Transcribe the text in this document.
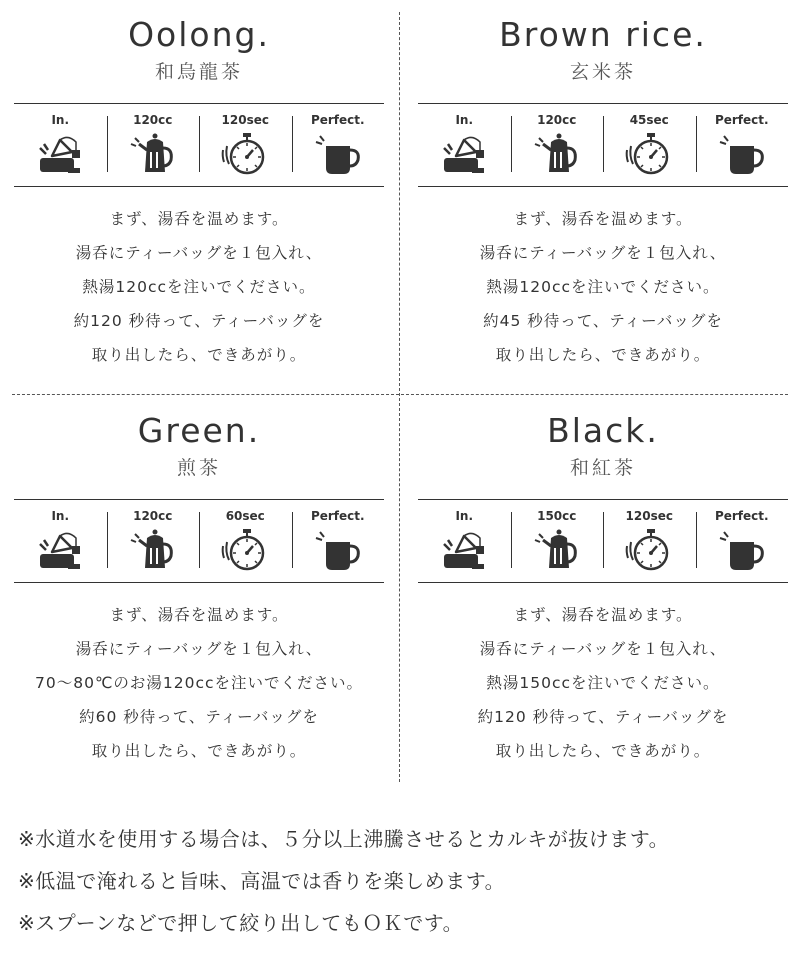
Oolong.
和烏龍茶
In.	120cc	120sec	Perfect.
まず、湯呑を温めます。
湯呑にティーバッグを１包入れ、
熱湯120ccを注いでください。
約120 秒待って、ティーバッグを
取り出したら、できあがり。
Brown rice.
玄米茶
In.	120cc	45sec	Perfect.
まず、湯呑を温めます。
湯呑にティーバッグを１包入れ、
熱湯120ccを注いでください。
約45 秒待って、ティーバッグを
取り出したら、できあがり。
Green.
煎茶
In.	120cc	60sec	Perfect.
まず、湯呑を温めます。
湯呑にティーバッグを１包入れ、
70～80℃のお湯120ccを注いでください。
約60 秒待って、ティーバッグを
取り出したら、できあがり。
Black.
和紅茶
In.	150cc	120sec	Perfect.
まず、湯呑を温めます。
湯呑にティーバッグを１包入れ、
熱湯150ccを注いでください。
約120 秒待って、ティーバッグを
取り出したら、できあがり。
※水道水を使用する場合は、５分以上沸騰させるとカルキが抜けます。
※低温で淹れると旨味、高温では香りを楽しめます。
※スプーンなどで押して絞り出してもＯＫです。
